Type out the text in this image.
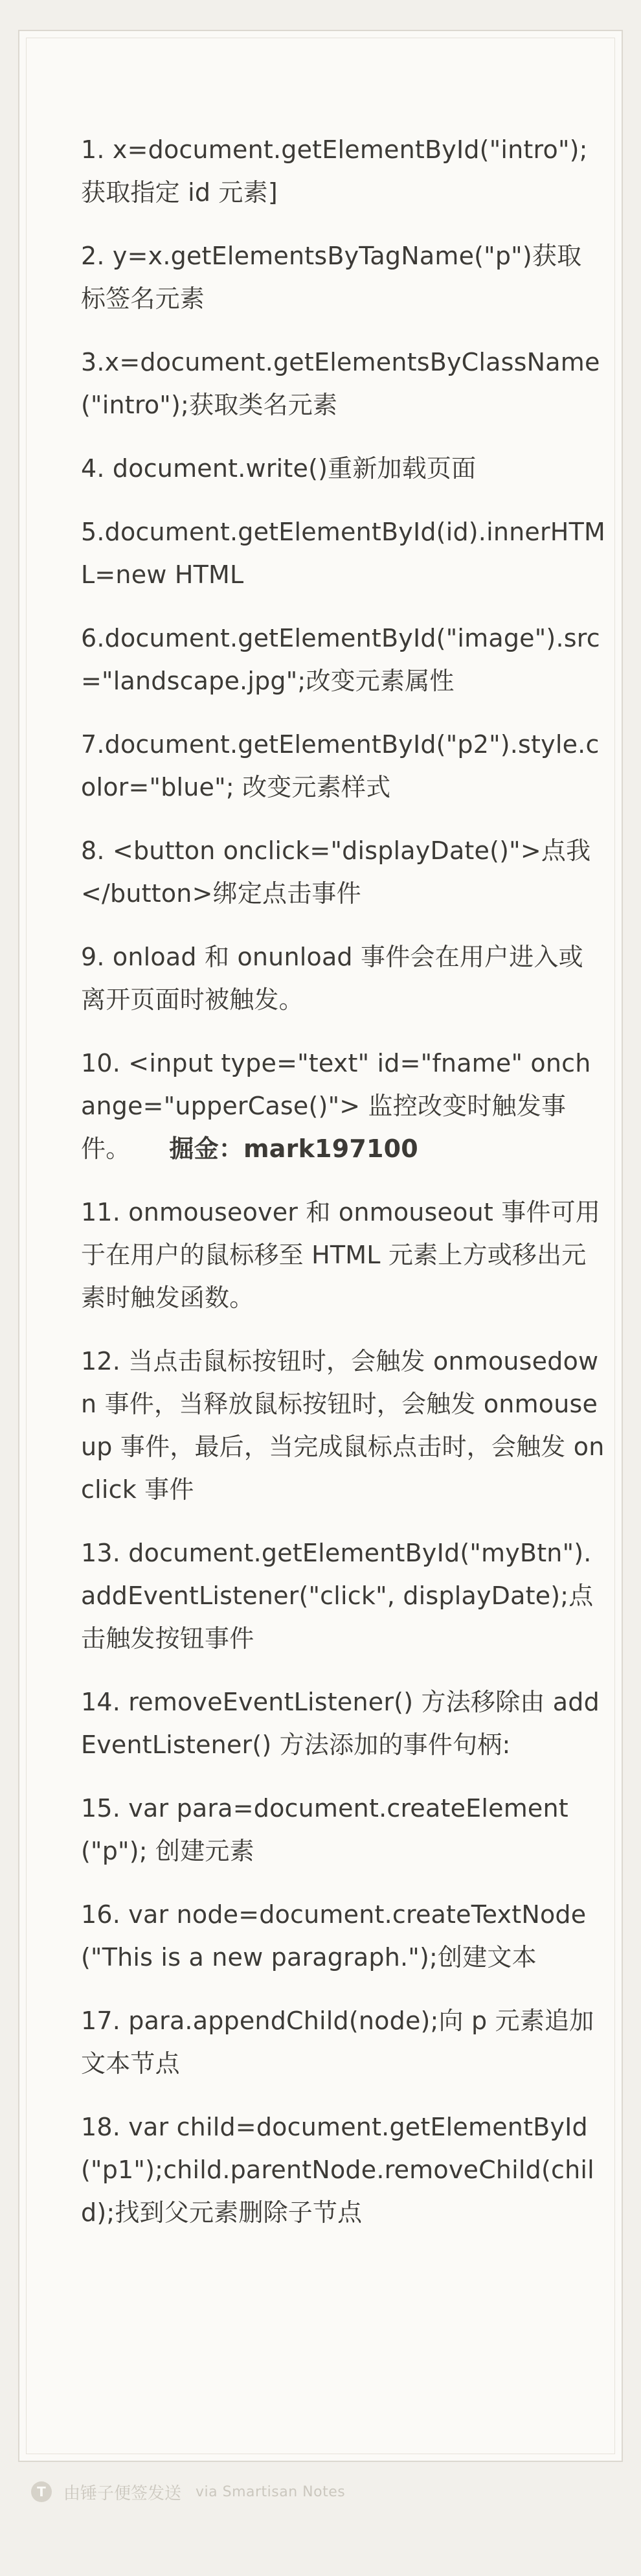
1. x=document.getElementById("intro");获取指定 id 元素]

2. y=x.getElementsByTagName("p")获取标签名元素

3.x=document.getElementsByClassName("intro");获取类名元素

4. document.write()重新加载页面

5.document.getElementById(id).innerHTML=new HTML

6.document.getElementById("image").src="landscape.jpg";改变元素属性

7.document.getElementById("p2").style.color="blue"; 改变元素样式

8. <button onclick="displayDate()">点我</button>绑定点击事件

9. onload 和 onunload 事件会在用户进入或离开页面时被触发。

10. <input type="text" id="fname" onchange="upperCase()"> 监控改变时触发事件。 掘金：mark197100

11. onmouseover 和 onmouseout 事件可用于在用户的鼠标移至 HTML 元素上方或移出元素时触发函数。

12. 当点击鼠标按钮时，会触发 onmousedown 事件，当释放鼠标按钮时，会触发 onmouseup 事件，最后，当完成鼠标点击时，会触发 onclick 事件

13. document.getElementById("myBtn").addEventListener("click", displayDate);点击触发按钮事件

14. removeEventListener() 方法移除由 addEventListener() 方法添加的事件句柄:

15. var para=document.createElement("p"); 创建元素

16. var node=document.createTextNode("This is a new paragraph.");创建文本

17. para.appendChild(node);向 p 元素追加文本节点

18. var child=document.getElementById("p1");child.parentNode.removeChild(child);找到父元素删除子节点

T	由锤子便签发送 via Smartisan Notes
